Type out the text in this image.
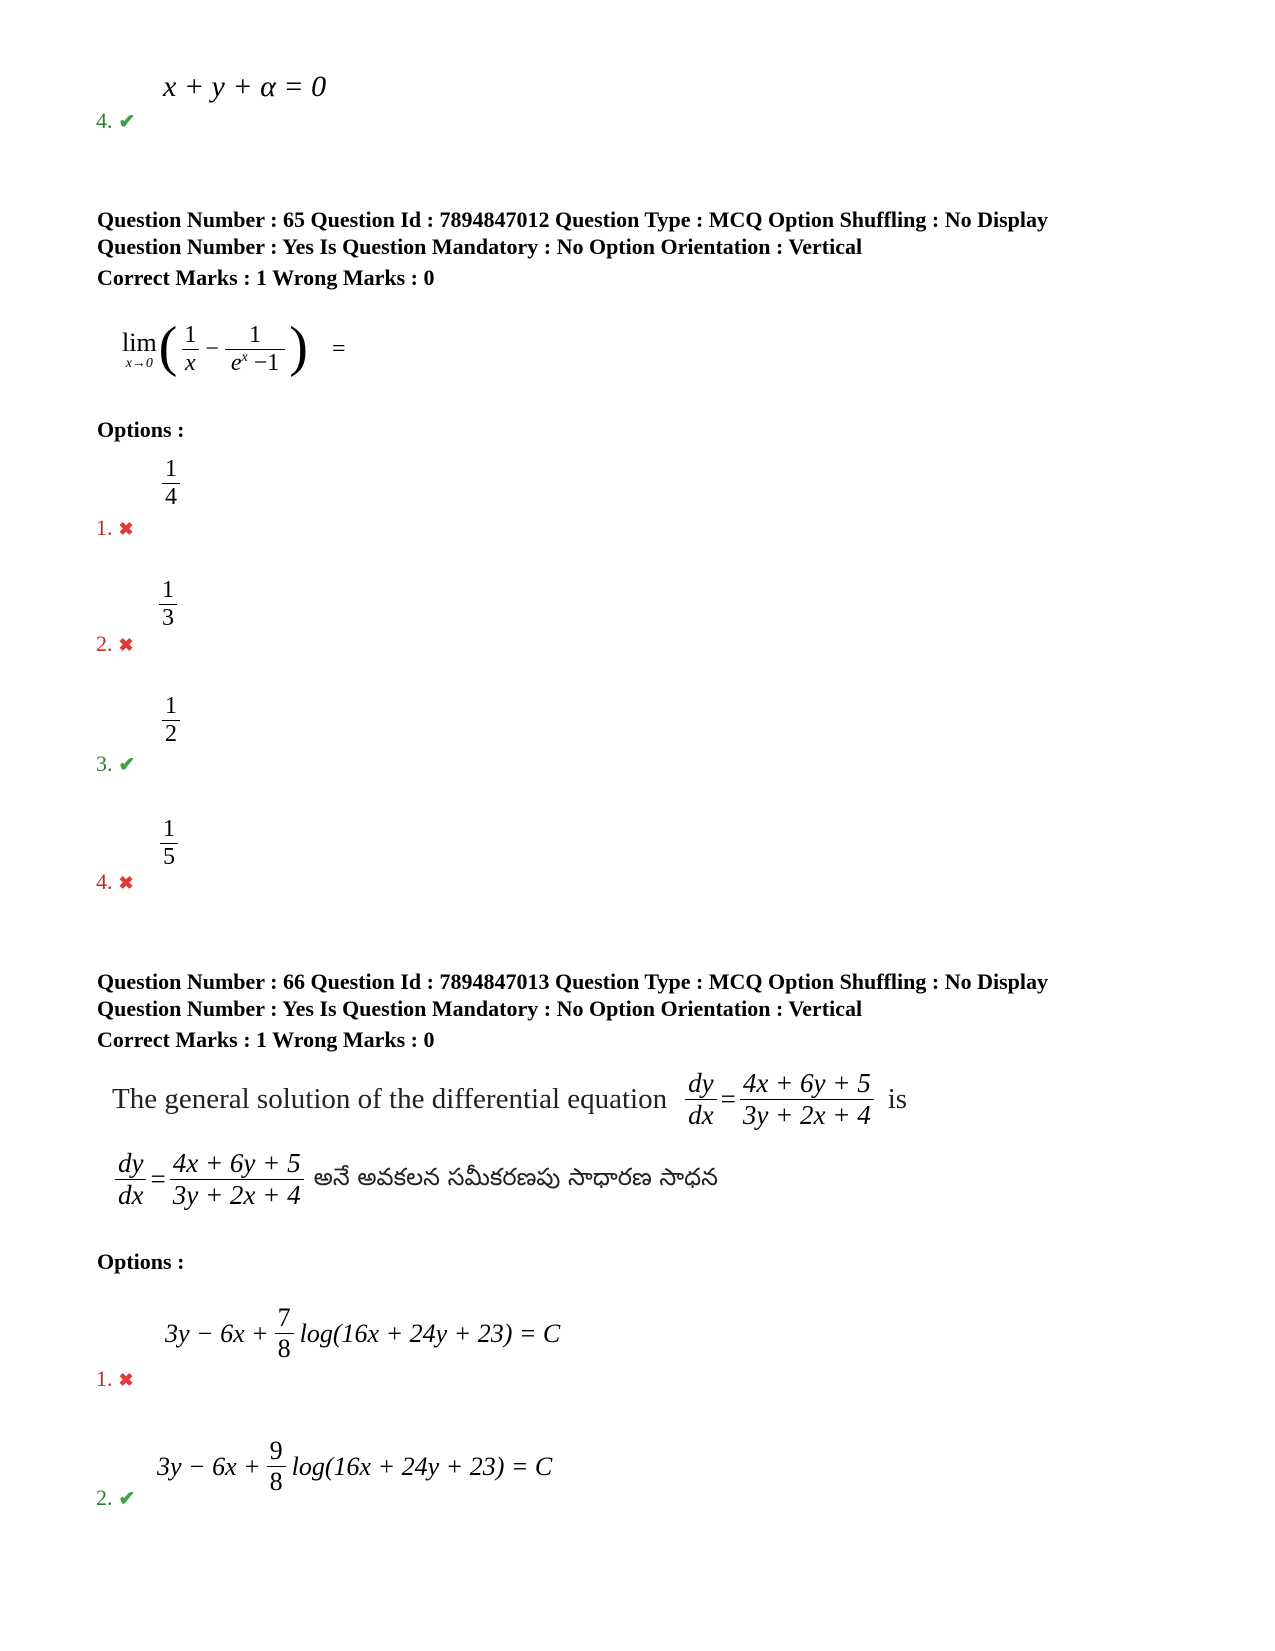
x + y + α = 0
4. ✔
Question Number : 65 Question Id : 7894847012 Question Type : MCQ Option Shuffling : No Display
Question Number : Yes Is Question Mandatory : No Option Orientation : Vertical
Correct Marks : 1 Wrong Marks : 0
lim
x→0 ( $\frac{1}{x} - \frac{1}{e^x -1}$ ) =
Options :
$\frac{1}{4}$
1. ✖
$\frac{1}{3}$
2. ✖
$\frac{1}{2}$
3. ✔
$\frac{1}{5}$
4. ✖
Question Number : 66 Question Id : 7894847013 Question Type : MCQ Option Shuffling : No Display
Question Number : Yes Is Question Mandatory : No Option Orientation : Vertical
Correct Marks : 1 Wrong Marks : 0
The general solution of the differential equation $\frac{dy}{dx} = \frac{4x + 6y + 5}{3y + 2x + 4}$ is
$\frac{dy}{dx} = \frac{4x + 6y + 5}{3y + 2x + 4}$ అనే అవకలన సమీకరణపు సాధారణ సాధన
Options :
$3y - 6x + \frac{7}{8} \log(16x + 24y + 23) = C$
1. ✖
$3y - 6x + \frac{9}{8} \log(16x + 24y + 23) = C$
2. ✔
